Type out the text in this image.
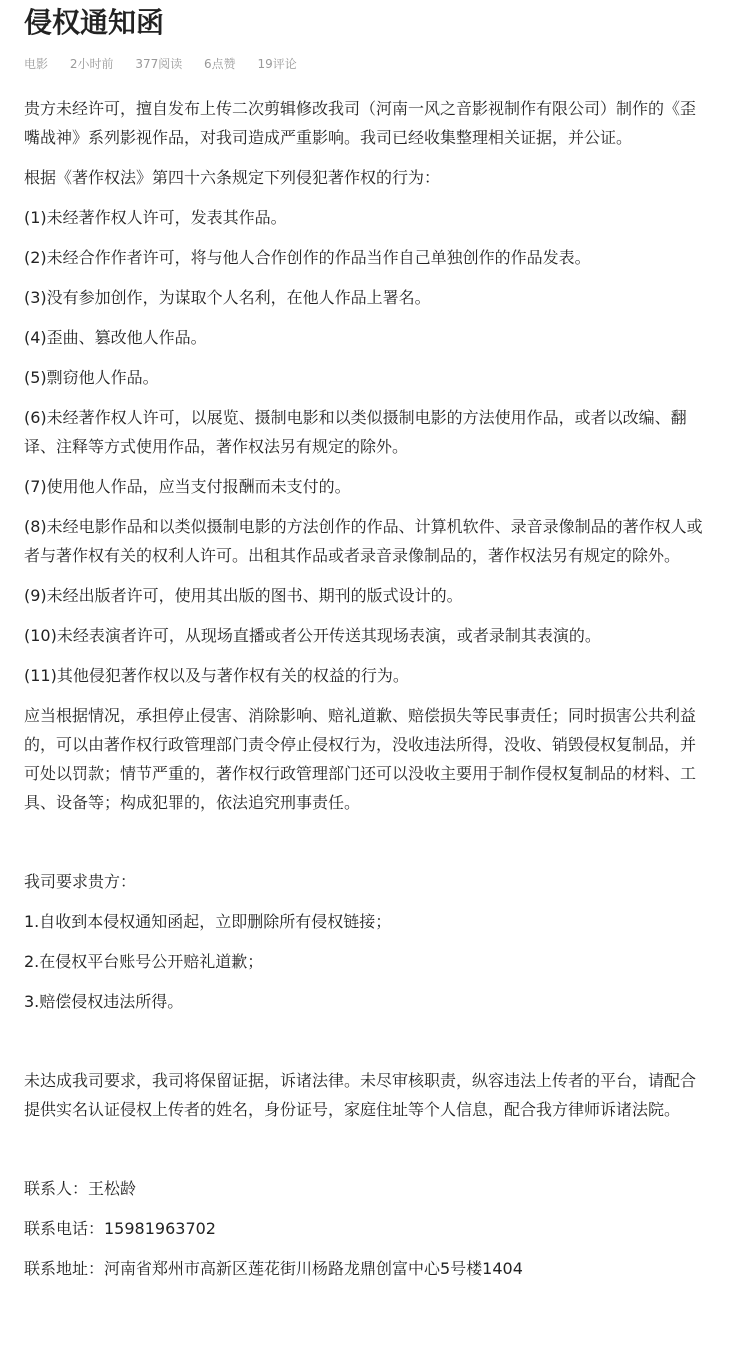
侵权通知函
电影 2小时前 377阅读 6点赞 19评论

贵方未经许可，擅自发布上传二次剪辑修改我司（河南一风之音影视制作有限公司）制作的《歪嘴战神》系列影视作品，对我司造成严重影响。我司已经收集整理相关证据，并公证。

根据《著作权法》第四十六条规定下列侵犯著作权的行为：

(1)未经著作权人许可，发表其作品。

(2)未经合作作者许可，将与他人合作创作的作品当作自己单独创作的作品发表。

(3)没有参加创作，为谋取个人名利，在他人作品上署名。

(4)歪曲、篡改他人作品。

(5)剽窃他人作品。

(6)未经著作权人许可，以展览、摄制电影和以类似摄制电影的方法使用作品，或者以改编、翻译、注释等方式使用作品，著作权法另有规定的除外。

(7)使用他人作品，应当支付报酬而未支付的。

(8)未经电影作品和以类似摄制电影的方法创作的作品、计算机软件、录音录像制品的著作权人或者与著作权有关的权利人许可。出租其作品或者录音录像制品的，著作权法另有规定的除外。

(9)未经出版者许可，使用其出版的图书、期刊的版式设计的。

(10)未经表演者许可，从现场直播或者公开传送其现场表演，或者录制其表演的。

(11)其他侵犯著作权以及与著作权有关的权益的行为。

应当根据情况，承担停止侵害、消除影响、赔礼道歉、赔偿损失等民事责任；同时损害公共利益的，可以由著作权行政管理部门责令停止侵权行为，没收违法所得，没收、销毁侵权复制品，并可处以罚款；情节严重的，著作权行政管理部门还可以没收主要用于制作侵权复制品的材料、工具、设备等；构成犯罪的，依法追究刑事责任。

我司要求贵方：

1.自收到本侵权通知函起，立即删除所有侵权链接；

2.在侵权平台账号公开赔礼道歉；

3.赔偿侵权违法所得。

未达成我司要求，我司将保留证据，诉诸法律。未尽审核职责，纵容违法上传者的平台，请配合提供实名认证侵权上传者的姓名，身份证号，家庭住址等个人信息，配合我方律师诉诸法院。

联系人：王松龄

联系电话：15981963702

联系地址：河南省郑州市高新区莲花街川杨路龙鼎创富中心5号楼1404
